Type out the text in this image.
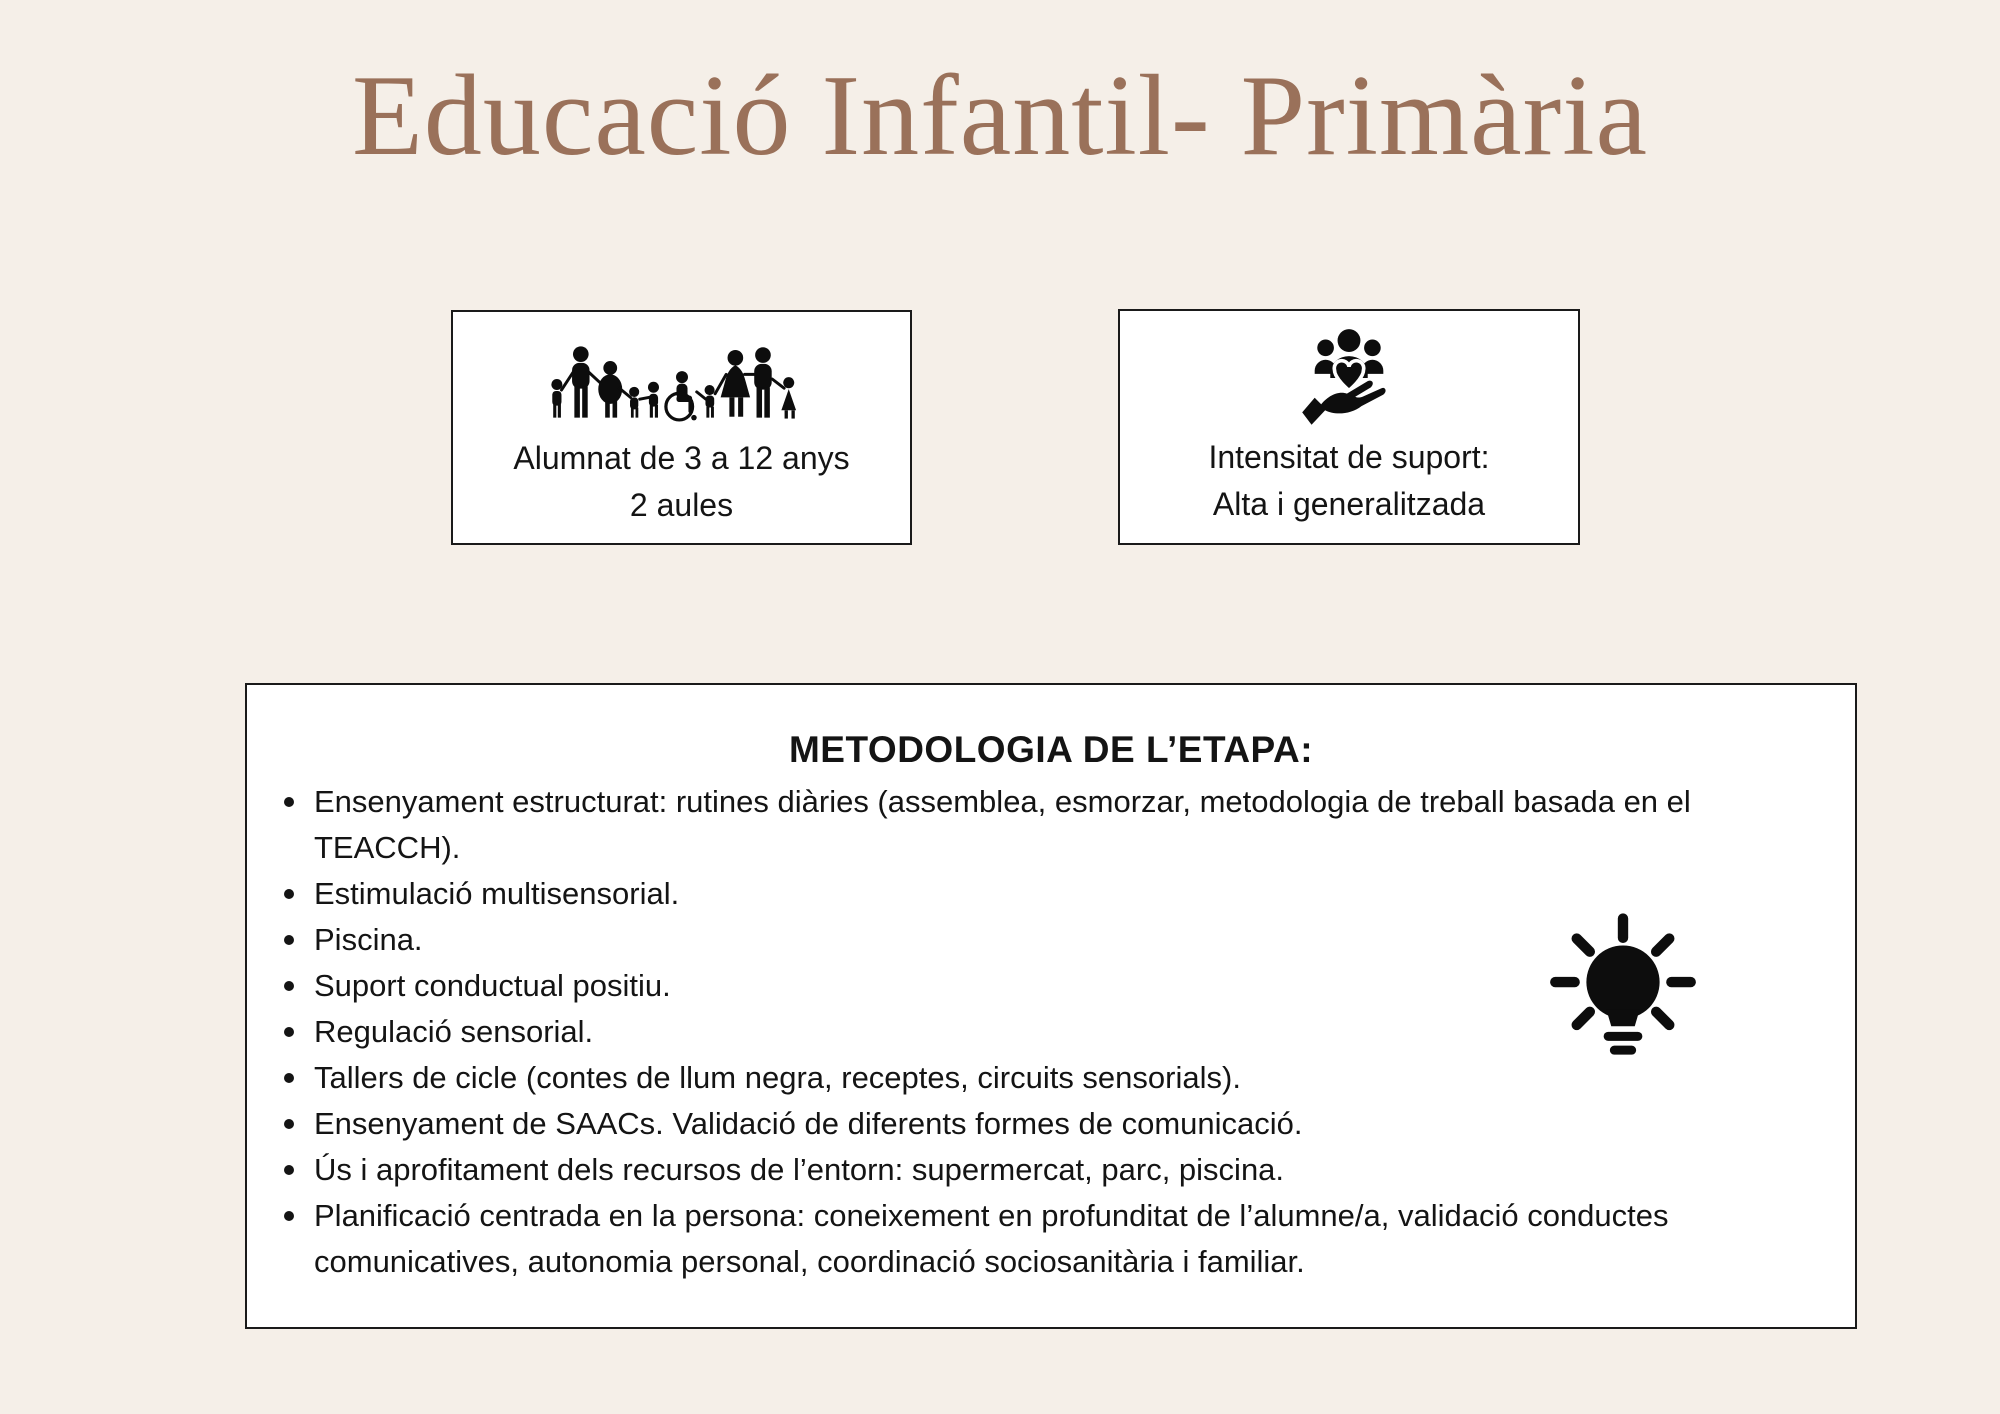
Educació Infantil- Primària
Alumnat de 3 a 12 anys
2 aules
Intensitat de suport:
Alta i generalitzada
METODOLOGIA DE L’ETAPA:
Ensenyament estructurat: rutines diàries (assemblea, esmorzar, metodologia de treball basada en el TEACCH).
Estimulació multisensorial.
Piscina.
Suport conductual positiu.
Regulació sensorial.
Tallers de cicle (contes de llum negra, receptes, circuits sensorials).
Ensenyament de SAACs. Validació de diferents formes de comunicació.
Ús i aprofitament dels recursos de l’entorn: supermercat, parc, piscina.
Planificació centrada en la persona: coneixement en profunditat de l’alumne/a, validació conductes comunicatives, autonomia personal, coordinació sociosanitària i familiar.
